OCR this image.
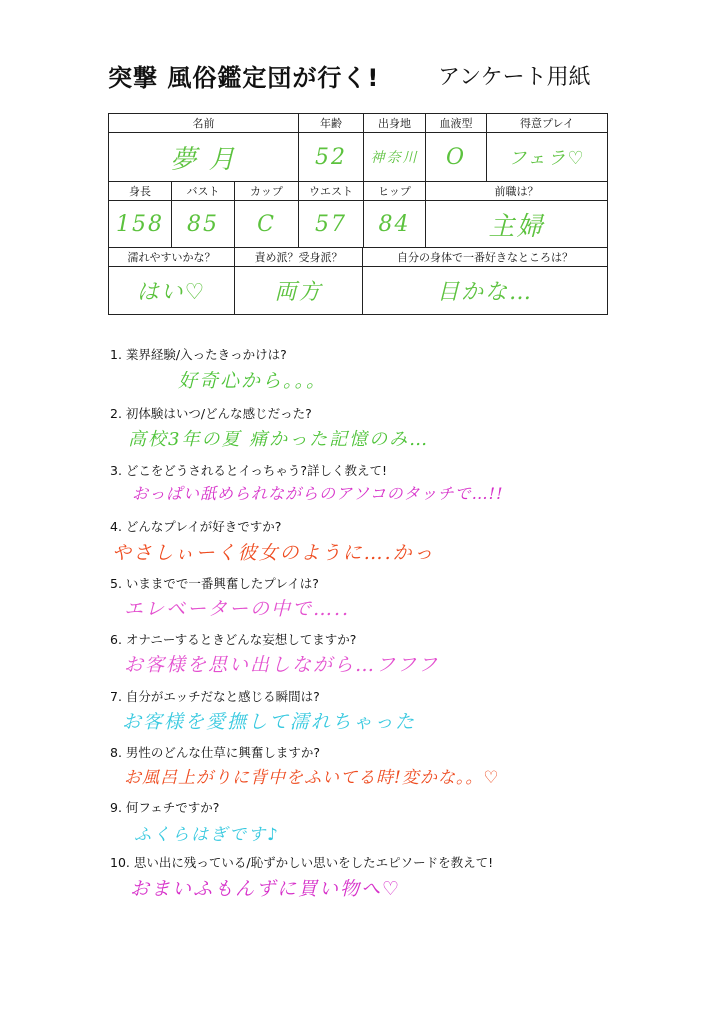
突撃 風俗鑑定団が行く!	アンケート用紙
名前
夢 月
年齢
52
出身地
神奈川
血液型
O
得意プレイ
フェラ♡
身長
158
バスト
85
カップ
C
ウエスト
57
ヒップ
84
前職は？
主婦
濡れやすいかな？
はい♡
責め派？受身派？
両方
自分の身体で一番好きなところは？
目かな…
1. 業界経験/入ったきっかけは?
好奇心から。。。
2. 初体験はいつ/どんな感じだった?
高校3年の夏 痛かった記憶のみ…
3. どこをどうされるとイっちゃう?詳しく教えて!
おっぱい舐められながらのアソコのタッチで…!!
4. どんなプレイが好きですか?
やさしぃーく彼女のように….かっ
5. いままでで一番興奮したプレイは?
エレベーターの中で…..
6. オナニーするときどんな妄想してますか?
お客様を思い出しながら…フフフ
7. 自分がエッチだなと感じる瞬間は?
お客様を愛撫して濡れちゃった
8. 男性のどんな仕草に興奮しますか?
お風呂上がりに背中をふいてる時!変かな。。♡
9. 何フェチですか?
ふくらはぎです♪
10. 思い出に残っている/恥ずかしい思いをしたエピソードを教えて!
おまいふもんずに買い物へ♡
